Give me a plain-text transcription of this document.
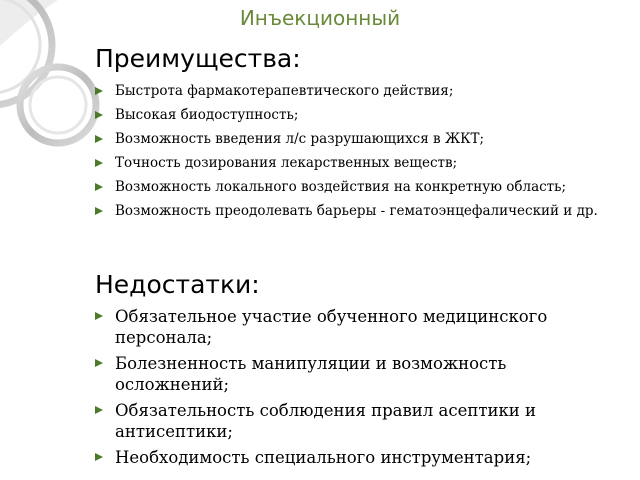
Инъекционный
Преимущества:
Быстрота фармакотерапевтического действия;
Высокая биодоступность;
Возможность введения л/с разрушающихся в ЖКТ;
Точность дозирования лекарственных веществ;
Возможность локального воздействия на конкретную область;
Возможность преодолевать барьеры - гематоэнцефалический и др.
Недостатки:
Обязательное участие обученного медицинского персонала;
Болезненность манипуляции и возможность осложнений;
Обязательность соблюдения правил асептики и антисептики;
Необходимость специального инструментария;
